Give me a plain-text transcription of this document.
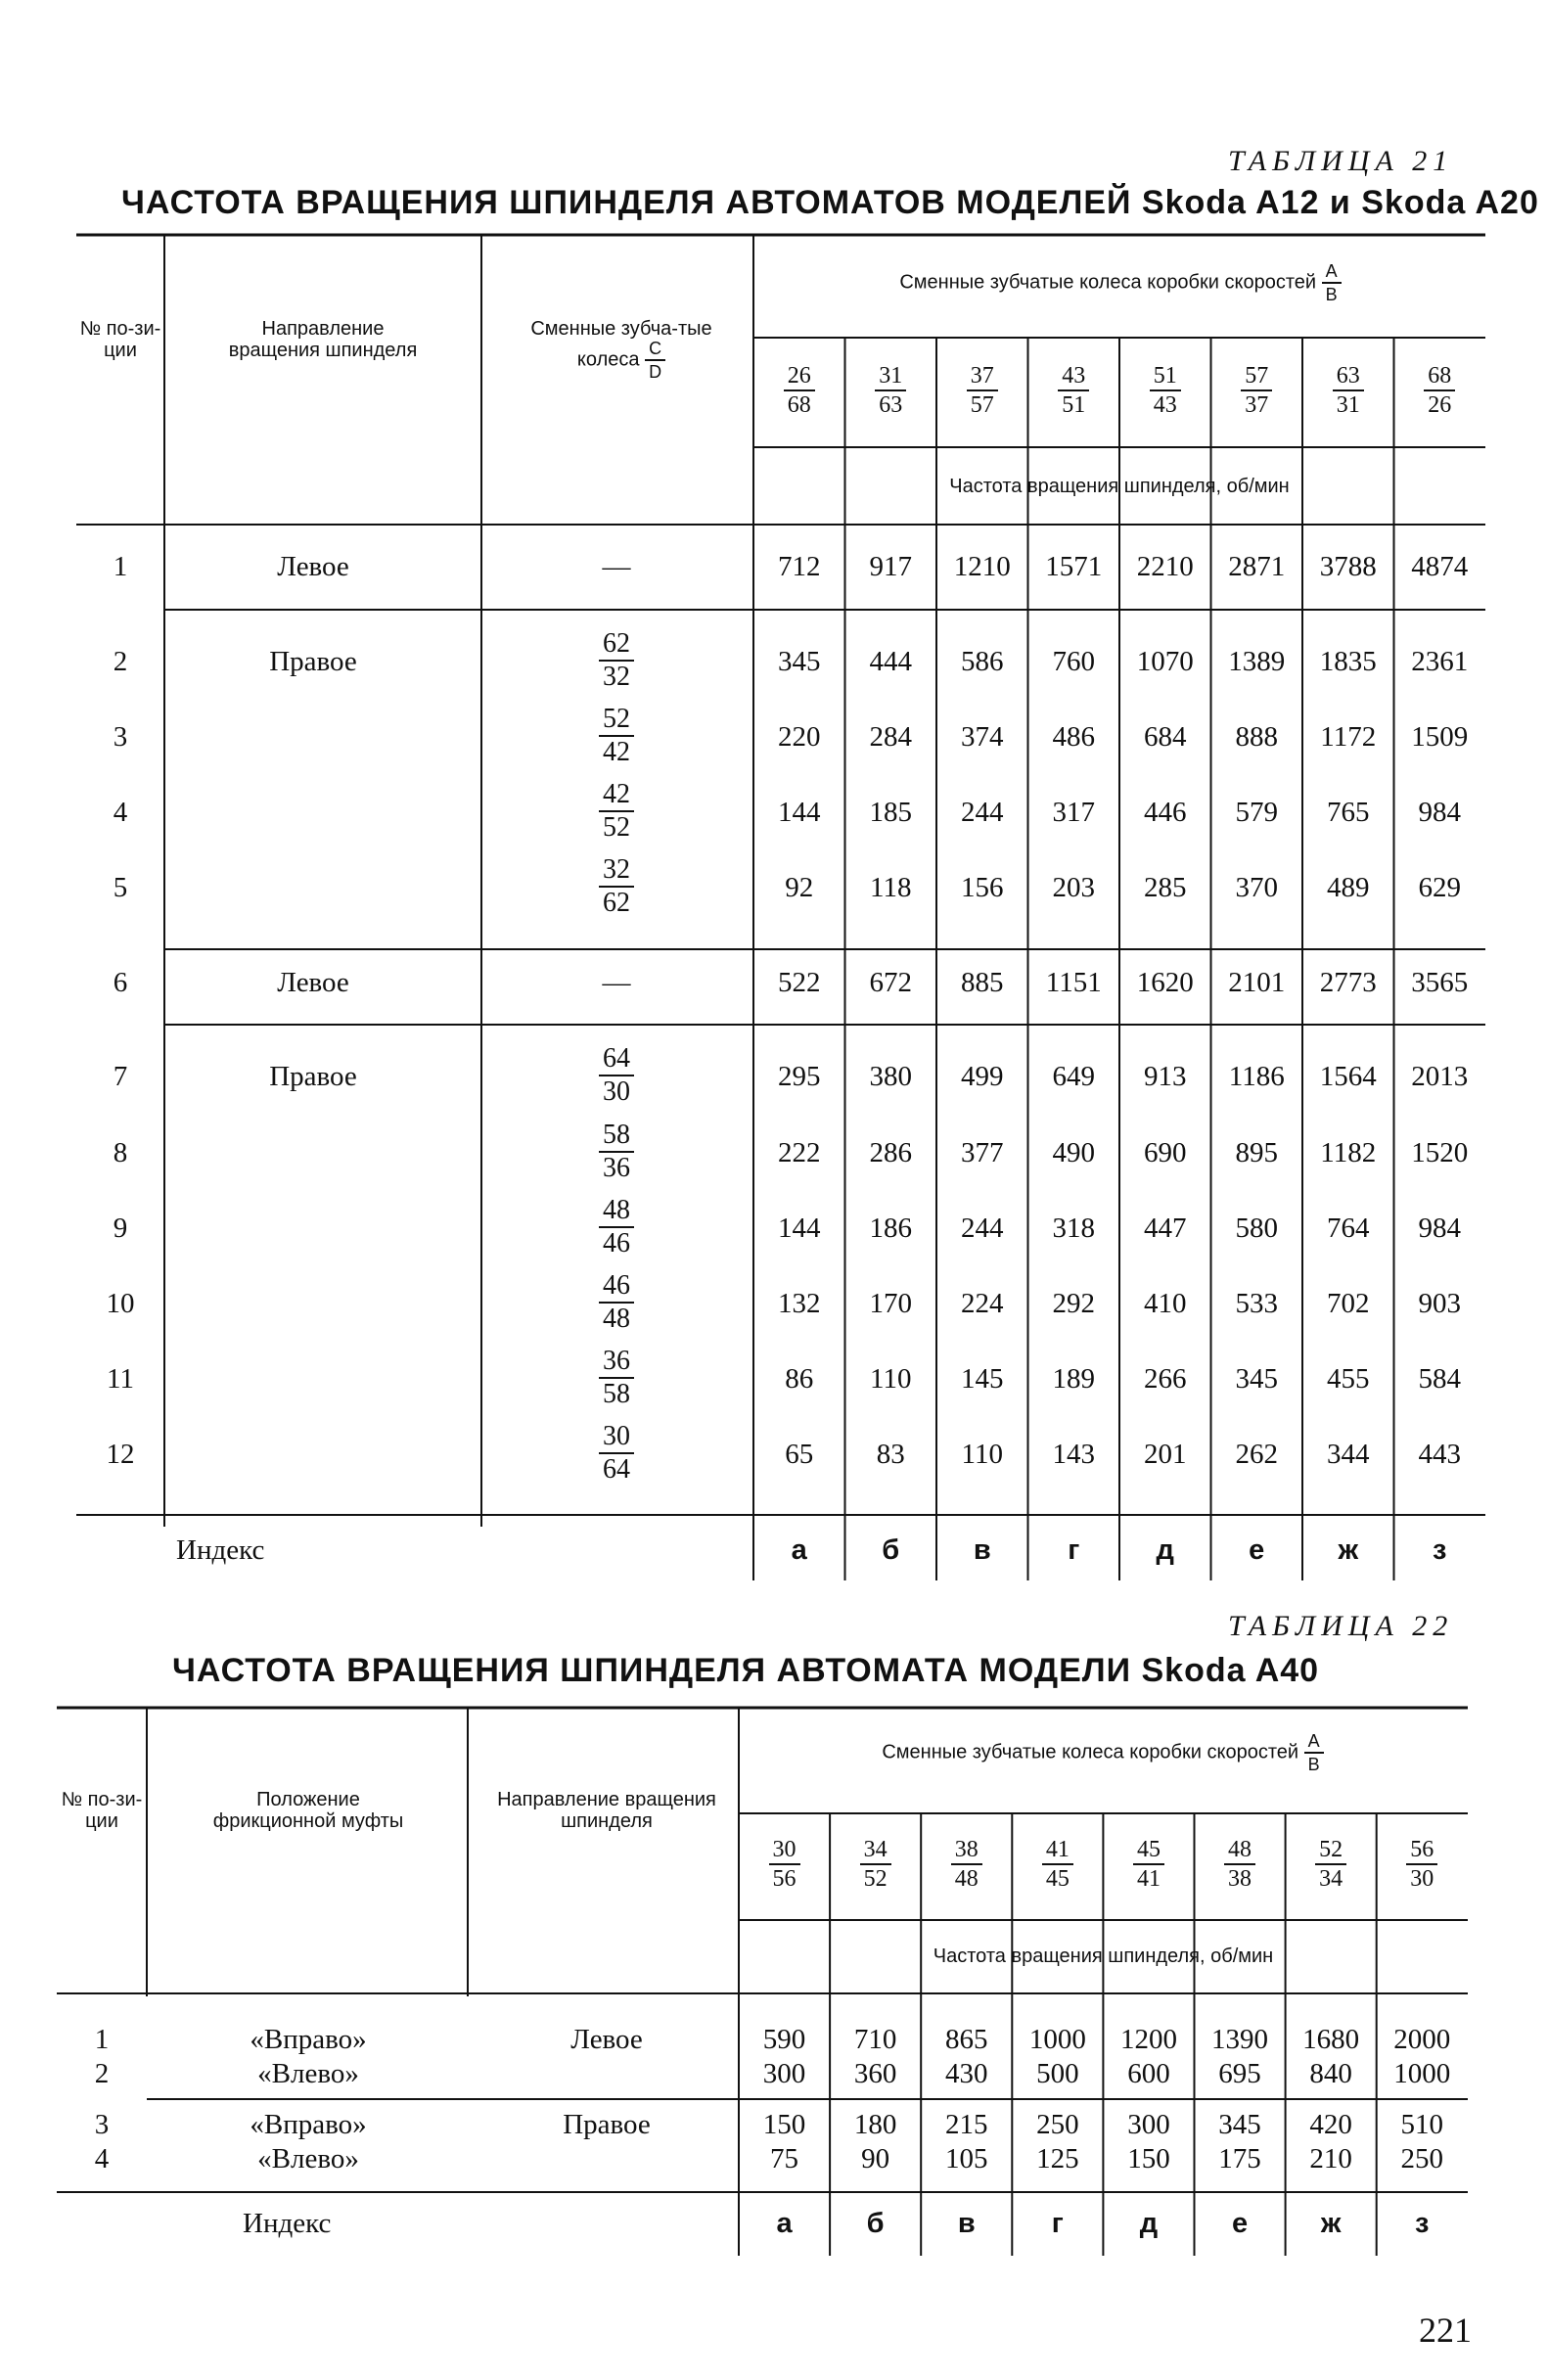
ТАБЛИЦА 21
ЧАСТОТА ВРАЩЕНИЯ ШПИНДЕЛЯ АВТОМАТОВ МОДЕЛЕЙ Skoda A12 и Skoda A20
№ по-зи-ции
Направление вращения шпинделя
Сменные зубча-тые колеса $\frac{C}{D}$
Сменные зубчатые колеса коробки скоростей $\frac{A}{B}$
Частота вращения шпинделя, об/мин
$\frac{26}{68}$	$\frac{31}{63}$	$\frac{37}{57}$	$\frac{43}{51}$	$\frac{51}{43}$	$\frac{57}{37}$	$\frac{63}{31}$	$\frac{68}{26}$
1	Левое	—	712	917	1210	1571	2210	2871	3788	4874
2	Правое	$\frac{62}{32}$	345	444	586	760	1070	1389	1835	2361
3	$\frac{52}{42}$	220	284	374	486	684	888	1172	1509
4	$\frac{42}{52}$	144	185	244	317	446	579	765	984
5	$\frac{32}{62}$	92	118	156	203	285	370	489	629
6	Левое	—	522	672	885	1151	1620	2101	2773	3565
7	Правое	$\frac{64}{30}$	295	380	499	649	913	1186	1564	2013
8	$\frac{58}{36}$	222	286	377	490	690	895	1182	1520
9	$\frac{48}{46}$	144	186	244	318	447	580	764	984
10	$\frac{46}{48}$	132	170	224	292	410	533	702	903
11	$\frac{36}{58}$	86	110	145	189	266	345	455	584
12	$\frac{30}{64}$	65	83	110	143	201	262	344	443
Индекс	а	б	в	г	д	е	ж	з
ТАБЛИЦА 22
ЧАСТОТА ВРАЩЕНИЯ ШПИНДЕЛЯ АВТОМАТА МОДЕЛИ Skoda A40
№ по-зи-ции
Положение фрикционной муфты
Направление вращения шпинделя
Сменные зубчатые колеса коробки скоростей $\frac{A}{B}$
Частота вращения шпинделя, об/мин
$\frac{30}{56}$	$\frac{34}{52}$	$\frac{38}{48}$	$\frac{41}{45}$	$\frac{45}{41}$	$\frac{48}{38}$	$\frac{52}{34}$	$\frac{56}{30}$
Левое
1	«Вправо»	590	710	865	1000	1200	1390	1680	2000
2	«Влево»	300	360	430	500	600	695	840	1000
Правое
3	«Вправо»	150	180	215	250	300	345	420	510
4	«Влево»	75	90	105	125	150	175	210	250
Индекс	а	б	в	г	д	е	ж	з
221
